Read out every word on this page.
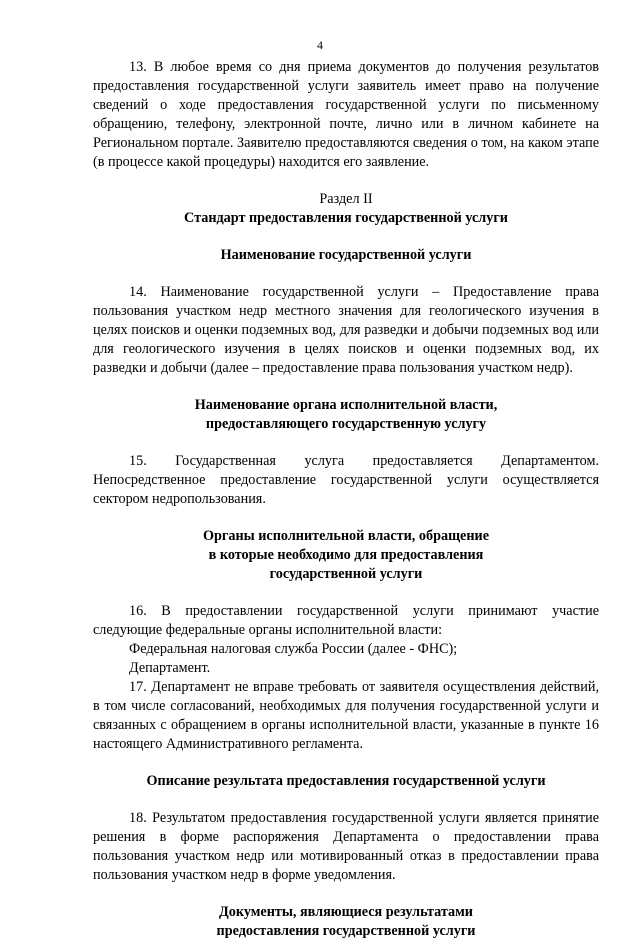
4

13. В любое время со дня приема документов до получения результатов предоставления государственной услуги заявитель имеет право на получение сведений о ходе предоставления государственной услуги по письменному обращению, телефону, электронной почте, лично или в личном кабинете на Региональном портале. Заявителю предоставляются сведения о том, на каком этапе (в процессе какой процедуры) находится его заявление.

Раздел II
Стандарт предоставления государственной услуги
Наименование государственной услуги

14. Наименование государственной услуги – Предоставление права пользования участком недр местного значения для геологического изучения в целях поисков и оценки подземных вод, для разведки и добычи подземных вод или для геологического изучения в целях поисков и оценки подземных вод, их разведки и добычи (далее – предоставление права пользования участком недр).

Наименование органа исполнительной власти,
предоставляющего государственную услугу

15. Государственная услуга предоставляется Департаментом. Непосредственное предоставление государственной услуги осуществляется сектором недропользования.

Органы исполнительной власти, обращение
в которые необходимо для предоставления
государственной услуги

16. В предоставлении государственной услуги принимают участие следующие федеральные органы исполнительной власти:

Федеральная налоговая служба России (далее - ФНС);

Департамент.

17. Департамент не вправе требовать от заявителя осуществления действий, в том числе согласований, необходимых для получения государственной услуги и связанных с обращением в органы исполнительной власти, указанные в пункте 16 настоящего Административного регламента.

Описание результата предоставления государственной услуги

18. Результатом предоставления государственной услуги является принятие решения в форме распоряжения Департамента о предоставлении права пользования участком недр или мотивированный отказ в предоставлении права пользования участком недр в форме уведомления.

Документы, являющиеся результатами
предоставления государственной услуги
